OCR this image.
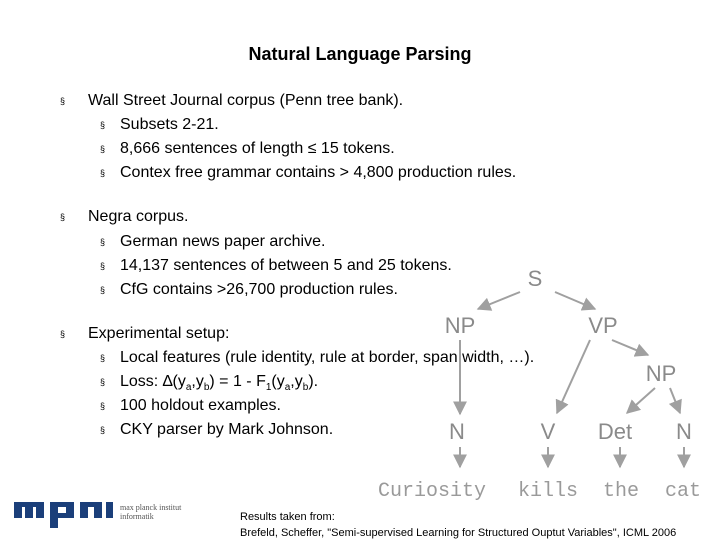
Natural Language Parsing
§ Wall Street Journal corpus (Penn tree bank).
§ Subsets 2-21.
§ 8,666 sentences of length ≤ 15 tokens.
§ Contex free grammar contains > 4,800 production rules.
§ Negra corpus.
§ German news paper archive.
§ 14,137 sentences of between 5 and 25 tokens.
§ CfG contains >26,700 production rules.
§ Experimental setup:
§ Local features (rule identity, rule at border, span width, …).
§ Loss: $\Delta(y_a,y_b) = 1 - F_1(y_a,y_b)$.
§ 100 holdout examples.
§ CKY parser by Mark Johnson.
S
NP	VP
NP
N	V Det N
Curiosity kills the cat
max planck institut
informatik	Results taken from:
Brefeld, Scheffer, "Semi-supervised Learning for Structured Ouptut Variables", ICML 2006
